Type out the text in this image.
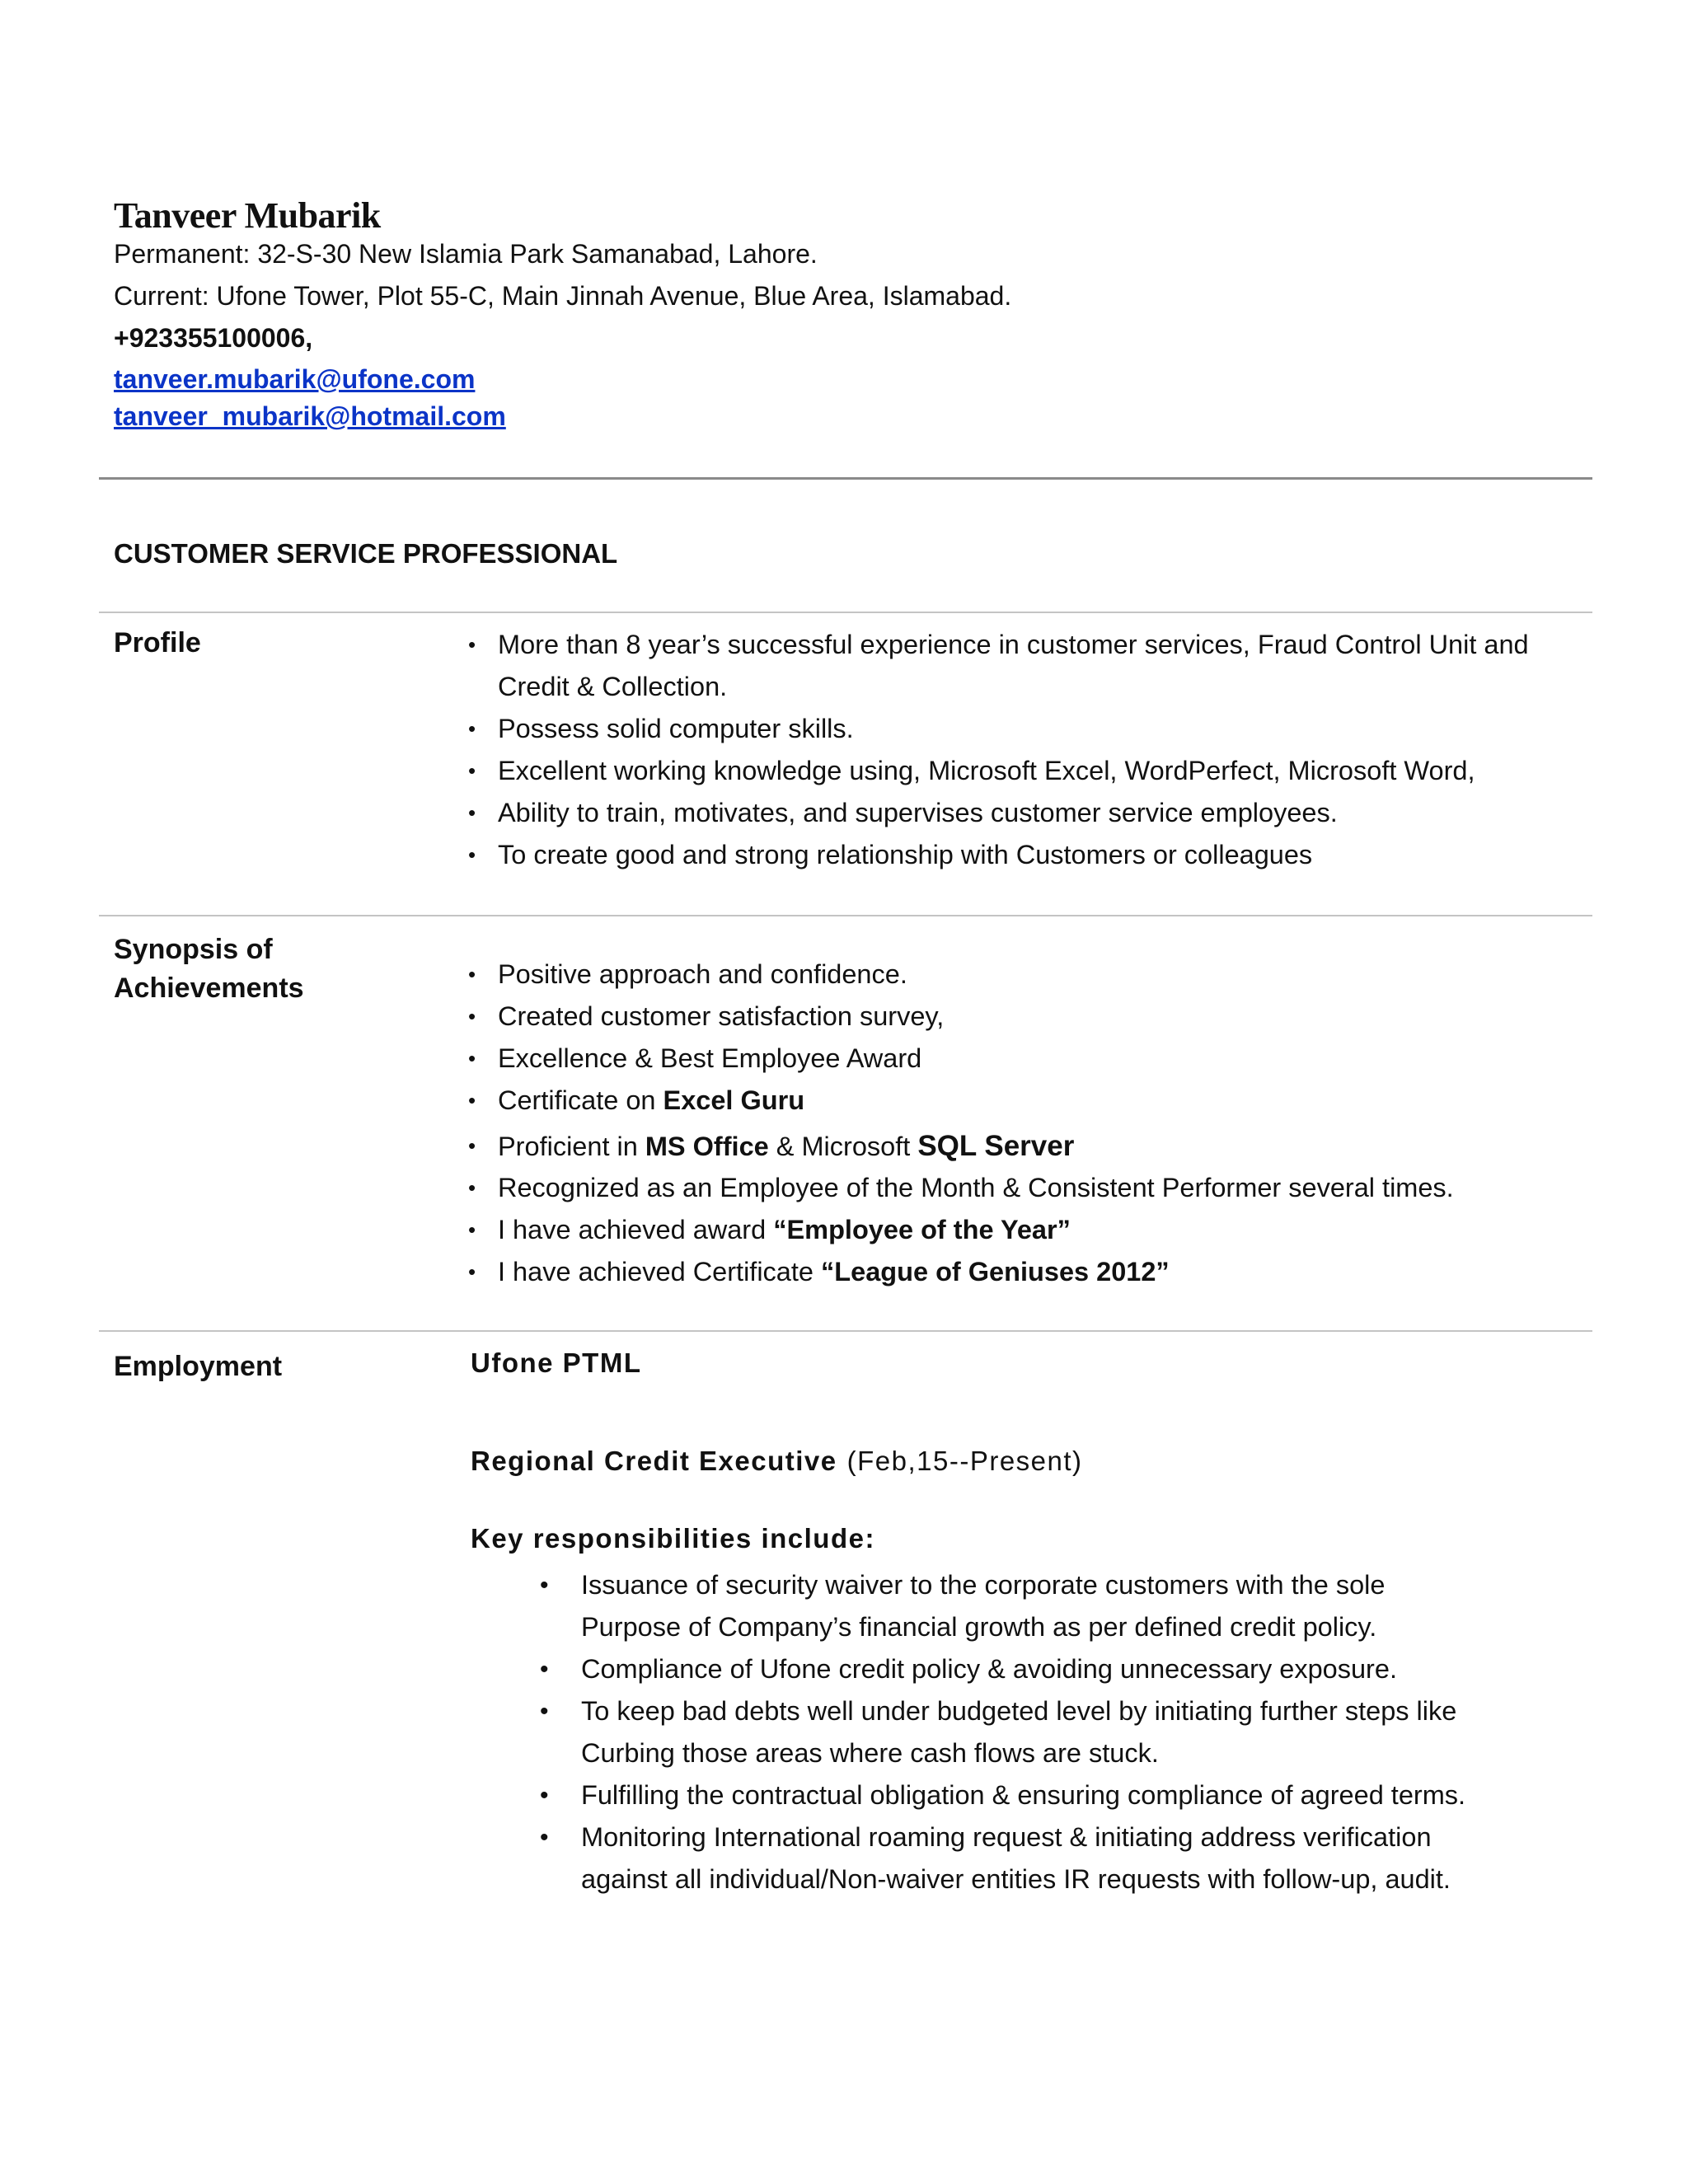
Tanveer Mubarik
Permanent: 32-S-30 New Islamia Park Samanabad, Lahore.
Current: Ufone Tower, Plot 55-C, Main Jinnah Avenue, Blue Area, Islamabad.
+923355100006,
tanveer.mubarik@ufone.com
tanveer_mubarik@hotmail.com
CUSTOMER SERVICE PROFESSIONAL
Profile	• More than 8 year’s successful experience in customer services, Fraud Control Unit and
Credit & Collection.
• Possess solid computer skills.
• Excellent working knowledge using, Microsoft Excel, WordPerfect, Microsoft Word,
• Ability to train, motivates, and supervises customer service employees.
• To create good and strong relationship with Customers or colleagues
Synopsis of
Achievements	• Positive approach and confidence.
• Created customer satisfaction survey,
• Excellence & Best Employee Award
• Certificate on Excel Guru
• Proficient in MS Office & Microsoft SQL Server
• Recognized as an Employee of the Month & Consistent Performer several times.
• I have achieved award “Employee of the Year”
• I have achieved Certificate “League of Geniuses 2012”
Employment	Ufone PTML
Regional Credit Executive (Feb,15--Present)
Key responsibilities include:
• Issuance of security waiver to the corporate customers with the sole
Purpose of Company’s financial growth as per defined credit policy.
• Compliance of Ufone credit policy & avoiding unnecessary exposure.
• To keep bad debts well under budgeted level by initiating further steps like
Curbing those areas where cash flows are stuck.
• Fulfilling the contractual obligation & ensuring compliance of agreed terms.
• Monitoring International roaming request & initiating address verification
against all individual/Non-waiver entities IR requests with follow-up, audit.
